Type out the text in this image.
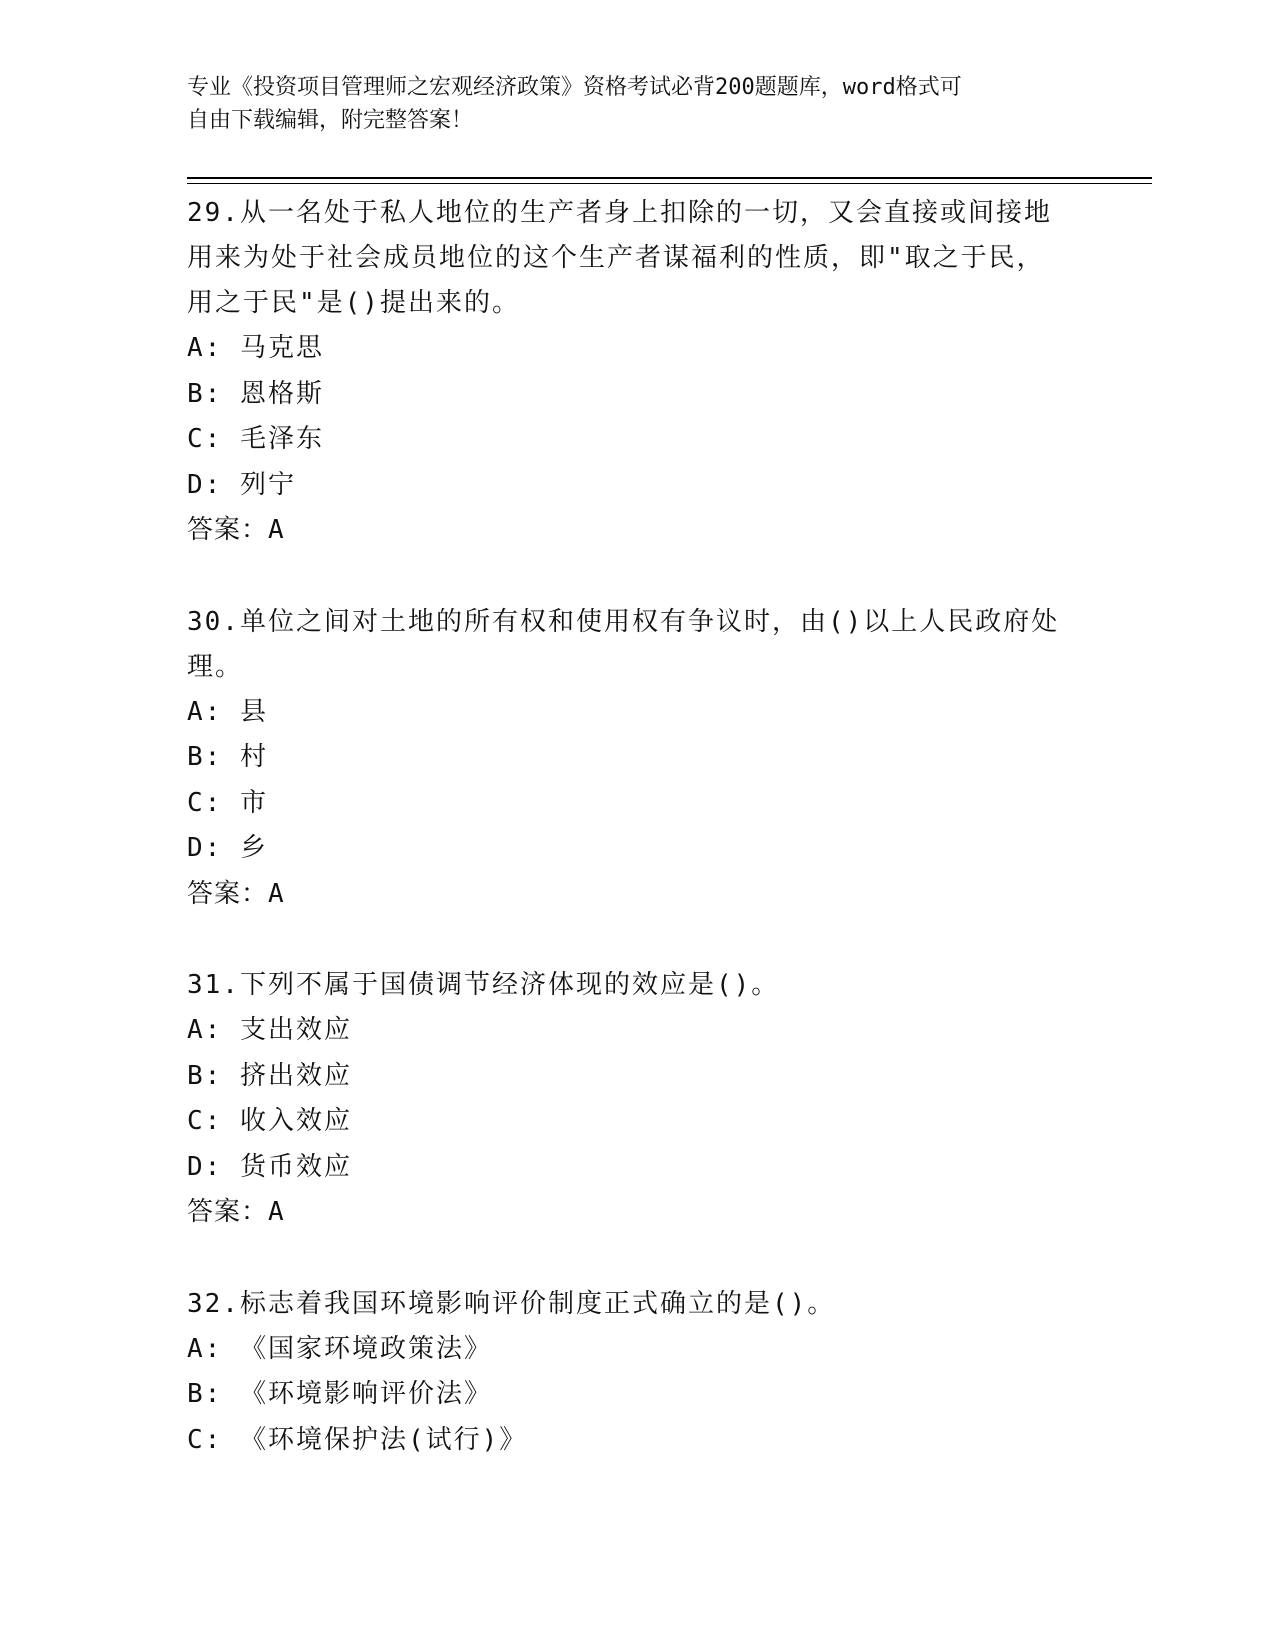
专业《投资项目管理师之宏观经济政策》资格考试必背200题题库，word格式可
自由下载编辑，附完整答案！
29.从一名处于私人地位的生产者身上扣除的一切，又会直接或间接地
用来为处于社会成员地位的这个生产者谋福利的性质，即"取之于民，
用之于民"是()提出来的。
A: 马克思
B: 恩格斯
C: 毛泽东
D: 列宁
答案：A
30.单位之间对土地的所有权和使用权有争议时，由()以上人民政府处
理。
A: 县
B: 村
C: 市
D: 乡
答案：A
31.下列不属于国债调节经济体现的效应是()。
A: 支出效应
B: 挤出效应
C: 收入效应
D: 货币效应
答案：A
32.标志着我国环境影响评价制度正式确立的是()。
A: 《国家环境政策法》
B: 《环境影响评价法》
C: 《环境保护法(试行)》
